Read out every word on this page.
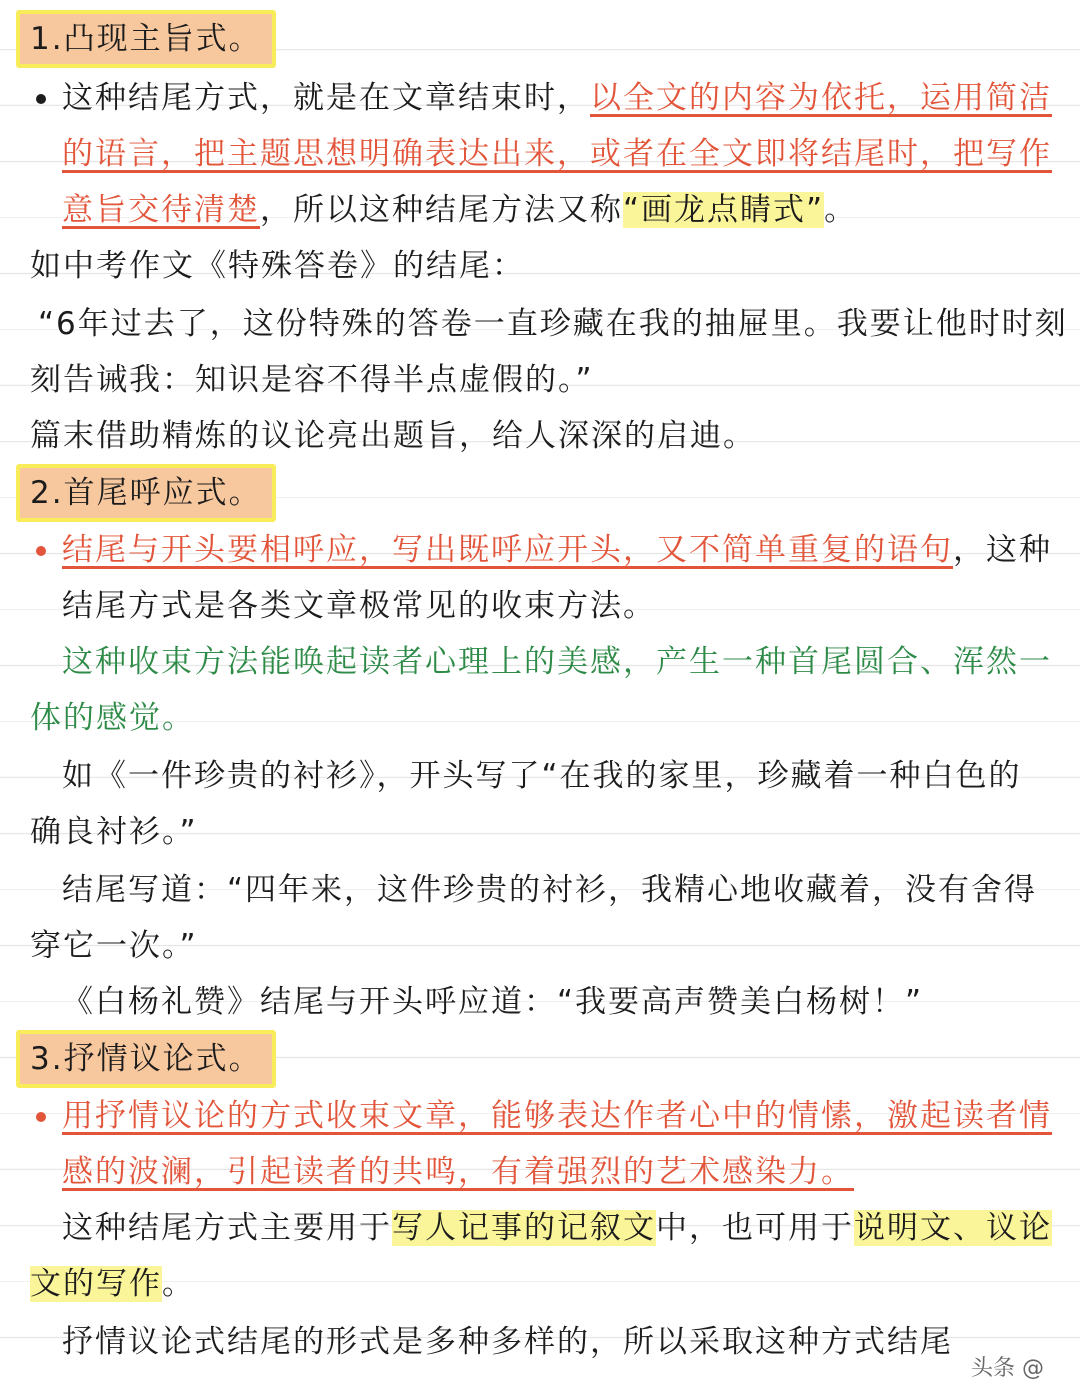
1.凸现主旨式。
这种结尾方式，就是在文章结束时，以全文的内容为依托，运用简洁
的语言，把主题思想明确表达出来，或者在全文即将结尾时，把写作
意旨交待清楚，所以这种结尾方法又称“画龙点睛式”。
如中考作文《特殊答卷》的结尾：
“6年过去了，这份特殊的答卷一直珍藏在我的抽屉里。我要让他时时刻
刻告诫我：知识是容不得半点虚假的。”
篇末借助精炼的议论亮出题旨，给人深深的启迪。
2.首尾呼应式。
结尾与开头要相呼应，写出既呼应开头，又不简单重复的语句，这种
结尾方式是各类文章极常见的收束方法。
这种收束方法能唤起读者心理上的美感，产生一种首尾圆合、浑然一
体的感觉。
如《一件珍贵的衬衫》，开头写了“在我的家里，珍藏着一种白色的
确良衬衫。”
结尾写道：“四年来，这件珍贵的衬衫，我精心地收藏着，没有舍得
穿它一次。”
《白杨礼赞》结尾与开头呼应道：“我要高声赞美白杨树！”
3.抒情议论式。
用抒情议论的方式收束文章，能够表达作者心中的情愫，激起读者情
感的波澜，引起读者的共鸣，有着强烈的艺术感染力。
这种结尾方式主要用于写人记事的记叙文中，也可用于说明文、议论
文的写作。
抒情议论式结尾的形式是多种多样的，所以采取这种方式结尾
头条 @
